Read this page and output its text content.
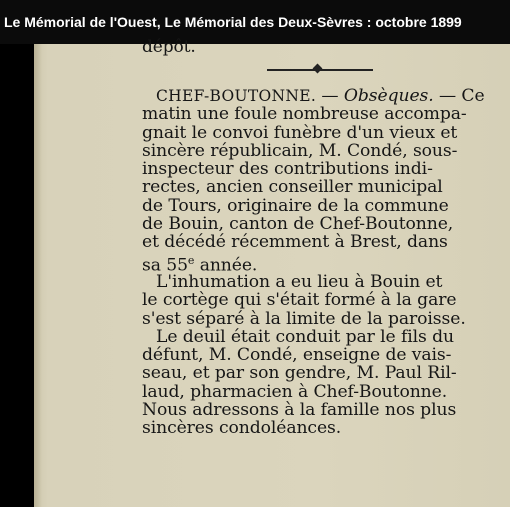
Le Mémorial de l'Ouest, Le Mémorial des Deux-Sèvres : octobre 1899
dépôt.
CHEF-BOUTONNE. — Obsèques. — Ce
matin une foule nombreuse accompa-
gnait le convoi funèbre d'un vieux et
sincère républicain, M. Condé, sous-
inspecteur des contributions indi-
rectes, ancien conseiller municipal
de Tours, originaire de la commune
de Bouin, canton de Chef-Boutonne,
et décédé récemment à Brest, dans
sa 55e année.
L'inhumation a eu lieu à Bouin et
le cortège qui s'était formé à la gare
s'est séparé à la limite de la paroisse.
Le deuil était conduit par le fils du
défunt, M. Condé, enseigne de vais-
seau, et par son gendre, M. Paul Ril-
laud, pharmacien à Chef-Boutonne.
Nous adressons à la famille nos plus
sincères condoléances.
